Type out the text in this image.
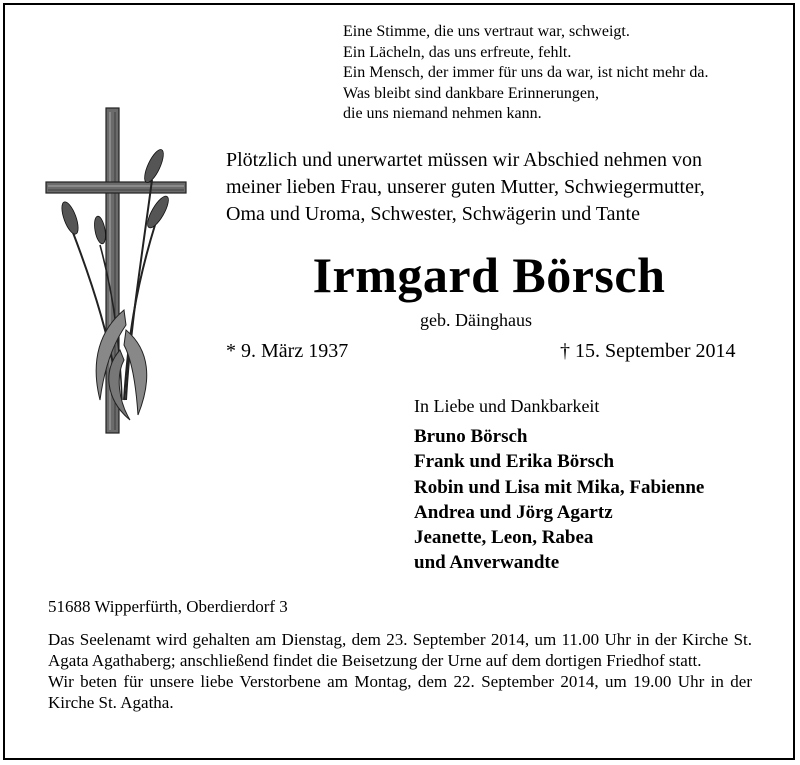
Eine Stimme, die uns vertraut war, schweigt.
Ein Lächeln, das uns erfreute, fehlt.
Ein Mensch, der immer für uns da war, ist nicht mehr da.
Was bleibt sind dankbare Erinnerungen,
die uns niemand nehmen kann.
Plötzlich und unerwartet müssen wir Abschied nehmen von
meiner lieben Frau, unserer guten Mutter, Schwiegermutter,
Oma und Uroma, Schwester, Schwägerin und Tante
Irmgard Börsch
geb. Däinghaus
* 9. März 1937	† 15. September 2014
In Liebe und Dankbarkeit
Bruno Börsch
Frank und Erika Börsch
Robin und Lisa mit Mika, Fabienne
Andrea und Jörg Agartz
Jeanette, Leon, Rabea
und Anverwandte
51688 Wipperfürth, Oberdierdorf 3

Das Seelenamt wird gehalten am Dienstag, dem 23. September 2014, um 11.00 Uhr in der Kirche St. Agata Agathaberg; anschließend findet die Beisetzung der Urne auf dem dortigen Friedhof statt.

Wir beten für unsere liebe Verstorbene am Montag, dem 22. September 2014, um 19.00 Uhr in der Kirche St. Agatha.
